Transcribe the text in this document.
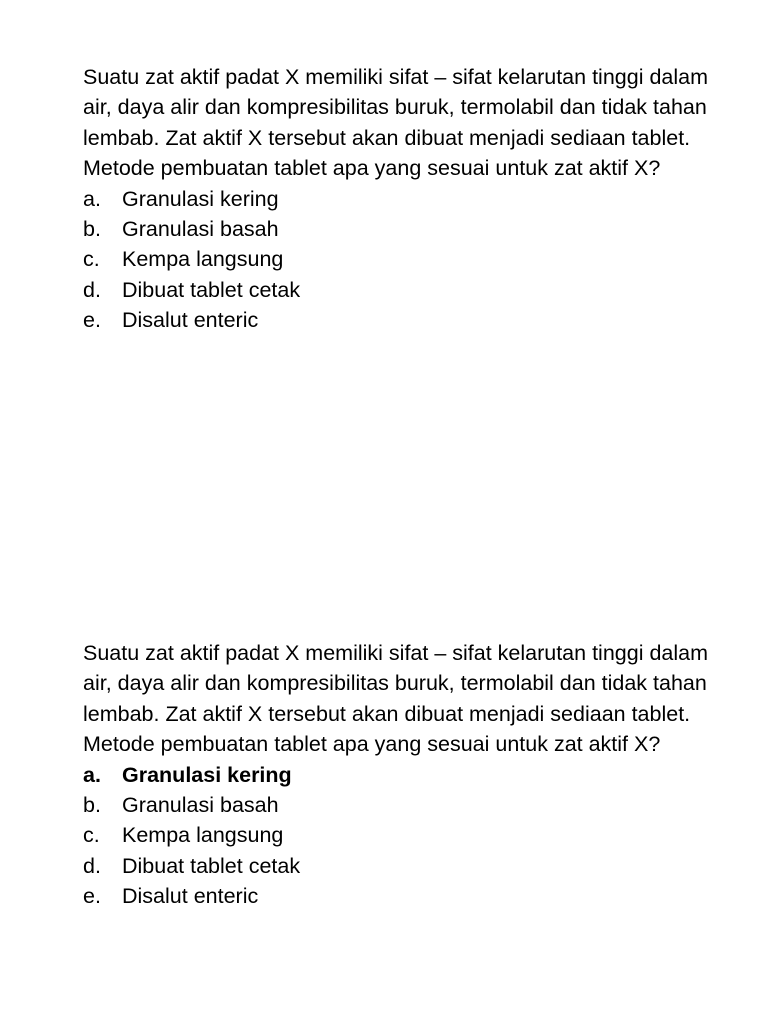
Suatu zat aktif padat X memiliki sifat – sifat kelarutan tinggi dalam air, daya alir dan kompresibilitas buruk, termolabil dan tidak tahan lembab. Zat aktif X tersebut akan dibuat menjadi sediaan tablet. Metode pembuatan tablet apa yang sesuai untuk zat aktif X?

a. Granulasi kering
b. Granulasi basah
c.	Kempa langsung
d. Dibuat tablet cetak
e. Disalut enteric

Suatu zat aktif padat X memiliki sifat – sifat kelarutan tinggi dalam air, daya alir dan kompresibilitas buruk, termolabil dan tidak tahan lembab. Zat aktif X tersebut akan dibuat menjadi sediaan tablet. Metode pembuatan tablet apa yang sesuai untuk zat aktif X?

a. Granulasi kering
b. Granulasi basah
c.	Kempa langsung
d. Dibuat tablet cetak
e. Disalut enteric
